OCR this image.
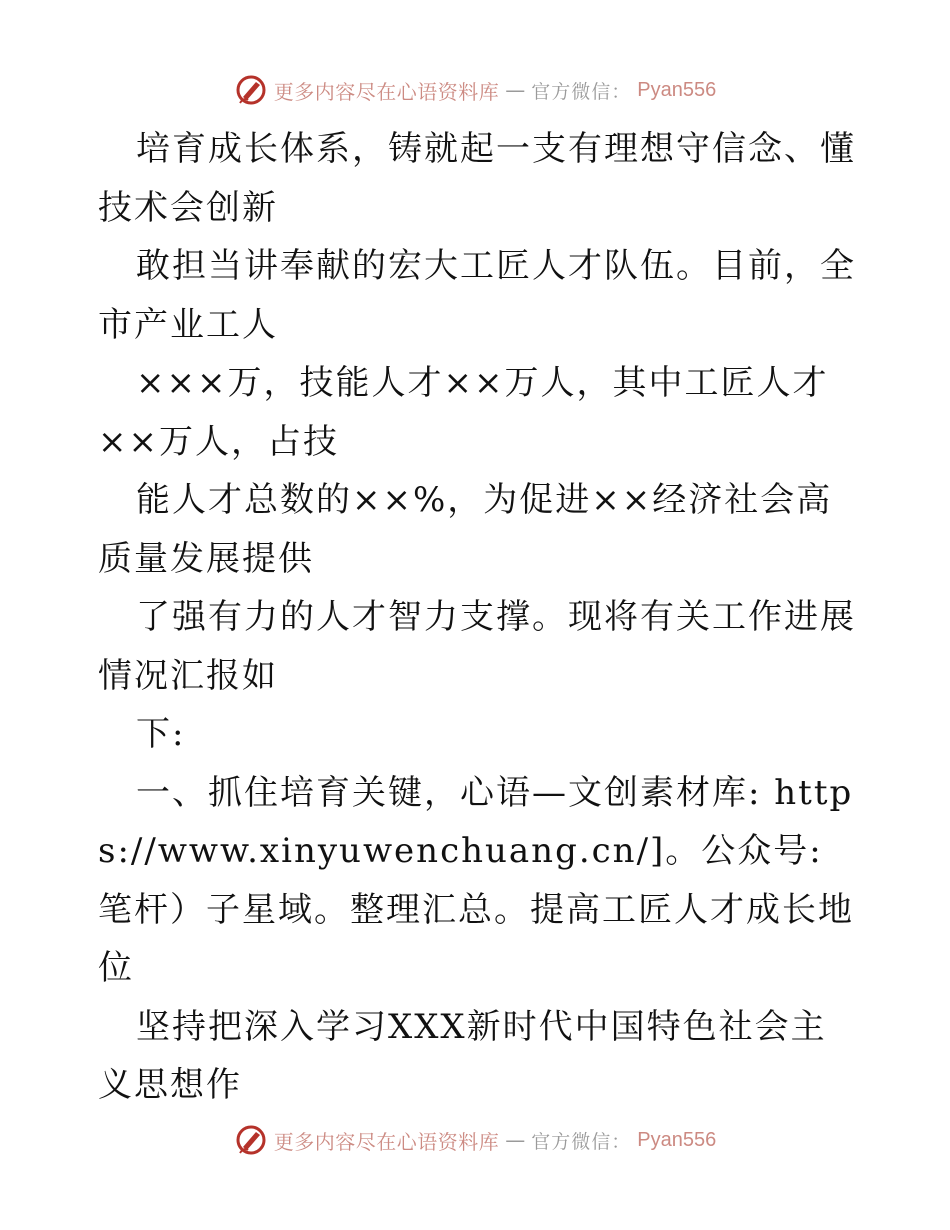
更多内容尽在心语资料库 — 官方微信： Pyan556

培育成长体系，铸就起一支有理想守信念、懂技术会创新

敢担当讲奉献的宏大工匠人才队伍。目前，全市产业工人

×××万，技能人才××万人，其中工匠人才××万人，占技

能人才总数的××%，为促进××经济社会高质量发展提供

了强有力的人才智力支撑。现将有关工作进展情况汇报如

下:

一、抓住培育关键，心语—文创素材库: https://www.xinyuwenchuang.cn/]。公众号: 笔杆）子星域。整理汇总。提高工匠人才成长地位

坚持把深入学习XXX新时代中国特色社会主义思想作

更多内容尽在心语资料库 — 官方微信： Pyan556
